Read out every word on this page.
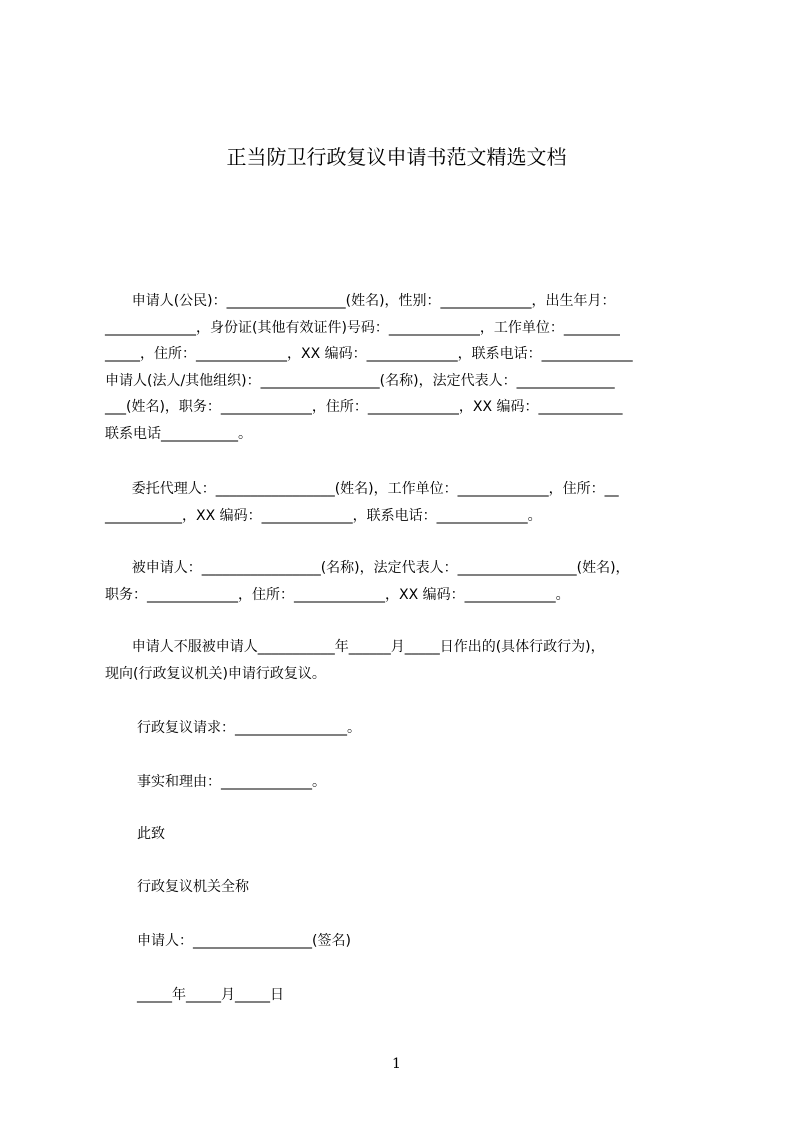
正当防卫行政复议申请书范文精选文档
申请人(公民)：_________________(姓名)，性别：_____________，出生年月：
_____________，身份证(其他有效证件)号码：_____________，工作单位：________
_____，住所：_____________，XX 编码：_____________，联系电话：_____________
申请人(法人/其他组织)：_________________(名称)，法定代表人：______________
___(姓名)，职务：_____________，住所：_____________，XX 编码：____________
联系电话___________。
委托代理人：_________________(姓名)，工作单位：_____________，住所：__
___________，XX 编码：_____________，联系电话：_____________。
被申请人：_________________(名称)，法定代表人：_________________(姓名)，
职务：_____________，住所：_____________，XX 编码：_____________。
申请人不服被申请人___________年______月_____日作出的(具体行政行为)，
现向(行政复议机关)申请行政复议。
行政复议请求：________________。
事实和理由：_____________。
此致
行政复议机关全称
申请人：_________________(签名)
_____年_____月_____日
1
